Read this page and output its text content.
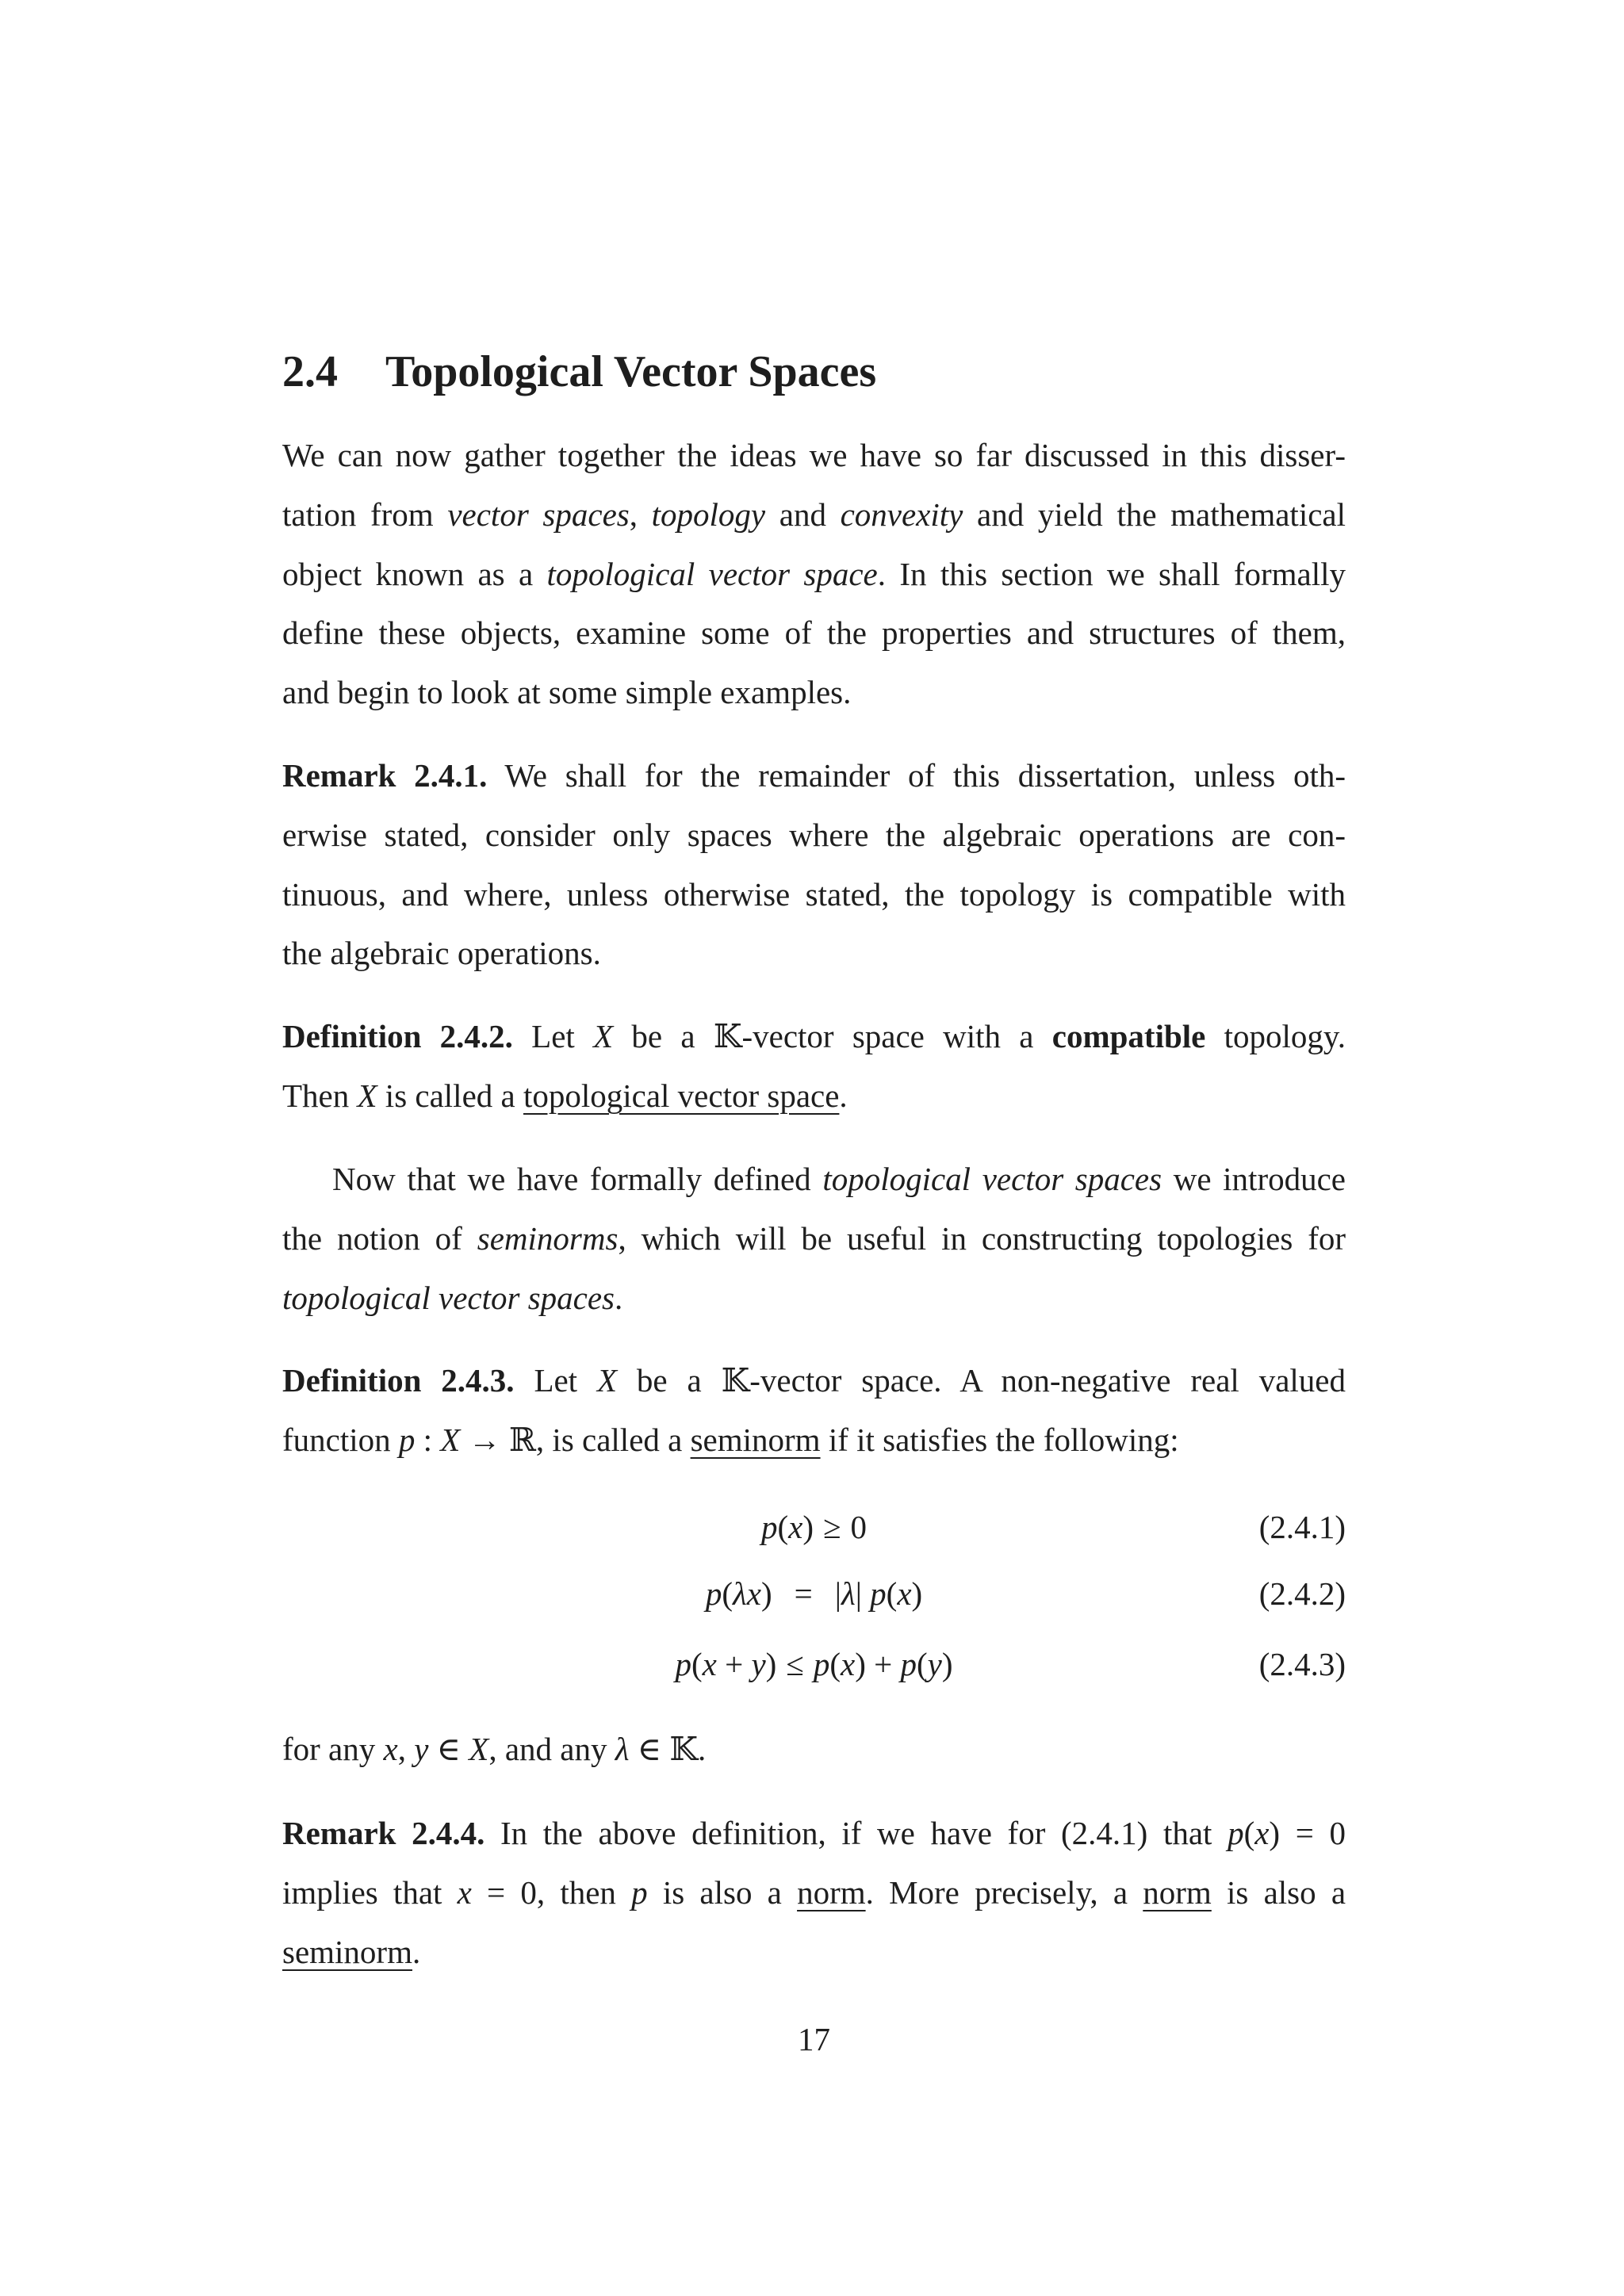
2.4 Topological Vector Spaces
We can now gather together the ideas we have so far discussed in this disser-
tation from vector spaces, topology and convexity and yield the mathematical
object known as a topological vector space. In this section we shall formally
define these objects, examine some of the properties and structures of them,
and begin to look at some simple examples.
Remark 2.4.1. We shall for the remainder of this dissertation, unless oth-
erwise stated, consider only spaces where the algebraic operations are con-
tinuous, and where, unless otherwise stated, the topology is compatible with
the algebraic operations.
Definition 2.4.2. Let X be a 𝕂-vector space with a compatible topology.
Then X is called a topological vector space.
Now that we have formally defined topological vector spaces we introduce
the notion of seminorms, which will be useful in constructing topologies for
topological vector spaces.
Definition 2.4.3. Let X be a 𝕂-vector space. A non-negative real valued
function p : X → ℝ, is called a seminorm if it satisfies the following:
p(x) ≥ 0	(2.4.1)
p(λx) = |λ| p(x)	(2.4.2)
p(x + y) ≤ p(x) + p(y)	(2.4.3)
for any x, y ∈ X, and any λ ∈ 𝕂.
Remark 2.4.4. In the above definition, if we have for (2.4.1) that p(x) = 0
implies that x = 0, then p is also a norm. More precisely, a norm is also a
seminorm.
17
